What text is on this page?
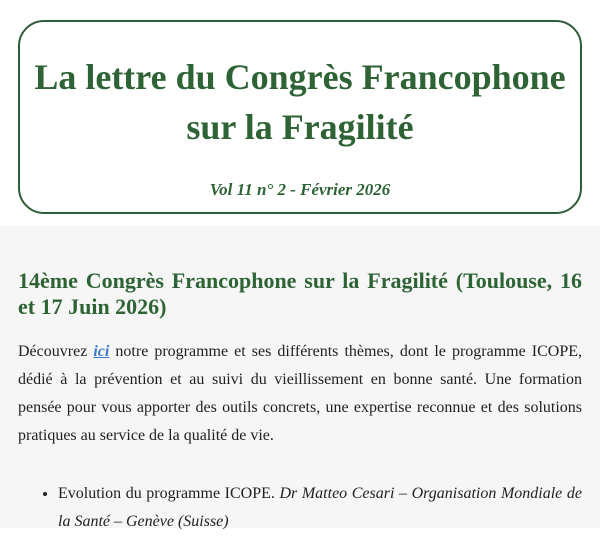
La lettre du Congrès Francophone
sur la Fragilité
Vol 11 n° 2 - Février 2026
14ème Congrès Francophone sur la Fragilité (Toulouse, 16 et 17 Juin 2026)

Découvrez ici notre programme et ses différents thèmes, dont le programme ICOPE, dédié à la prévention et au suivi du vieillissement en bonne santé. Une formation pensée pour vous apporter des outils concrets, une expertise reconnue et des solutions pratiques au service de la qualité de vie.

• Evolution du programme ICOPE. Dr Matteo Cesari – Organisation Mondiale de la Santé – Genève (Suisse)
